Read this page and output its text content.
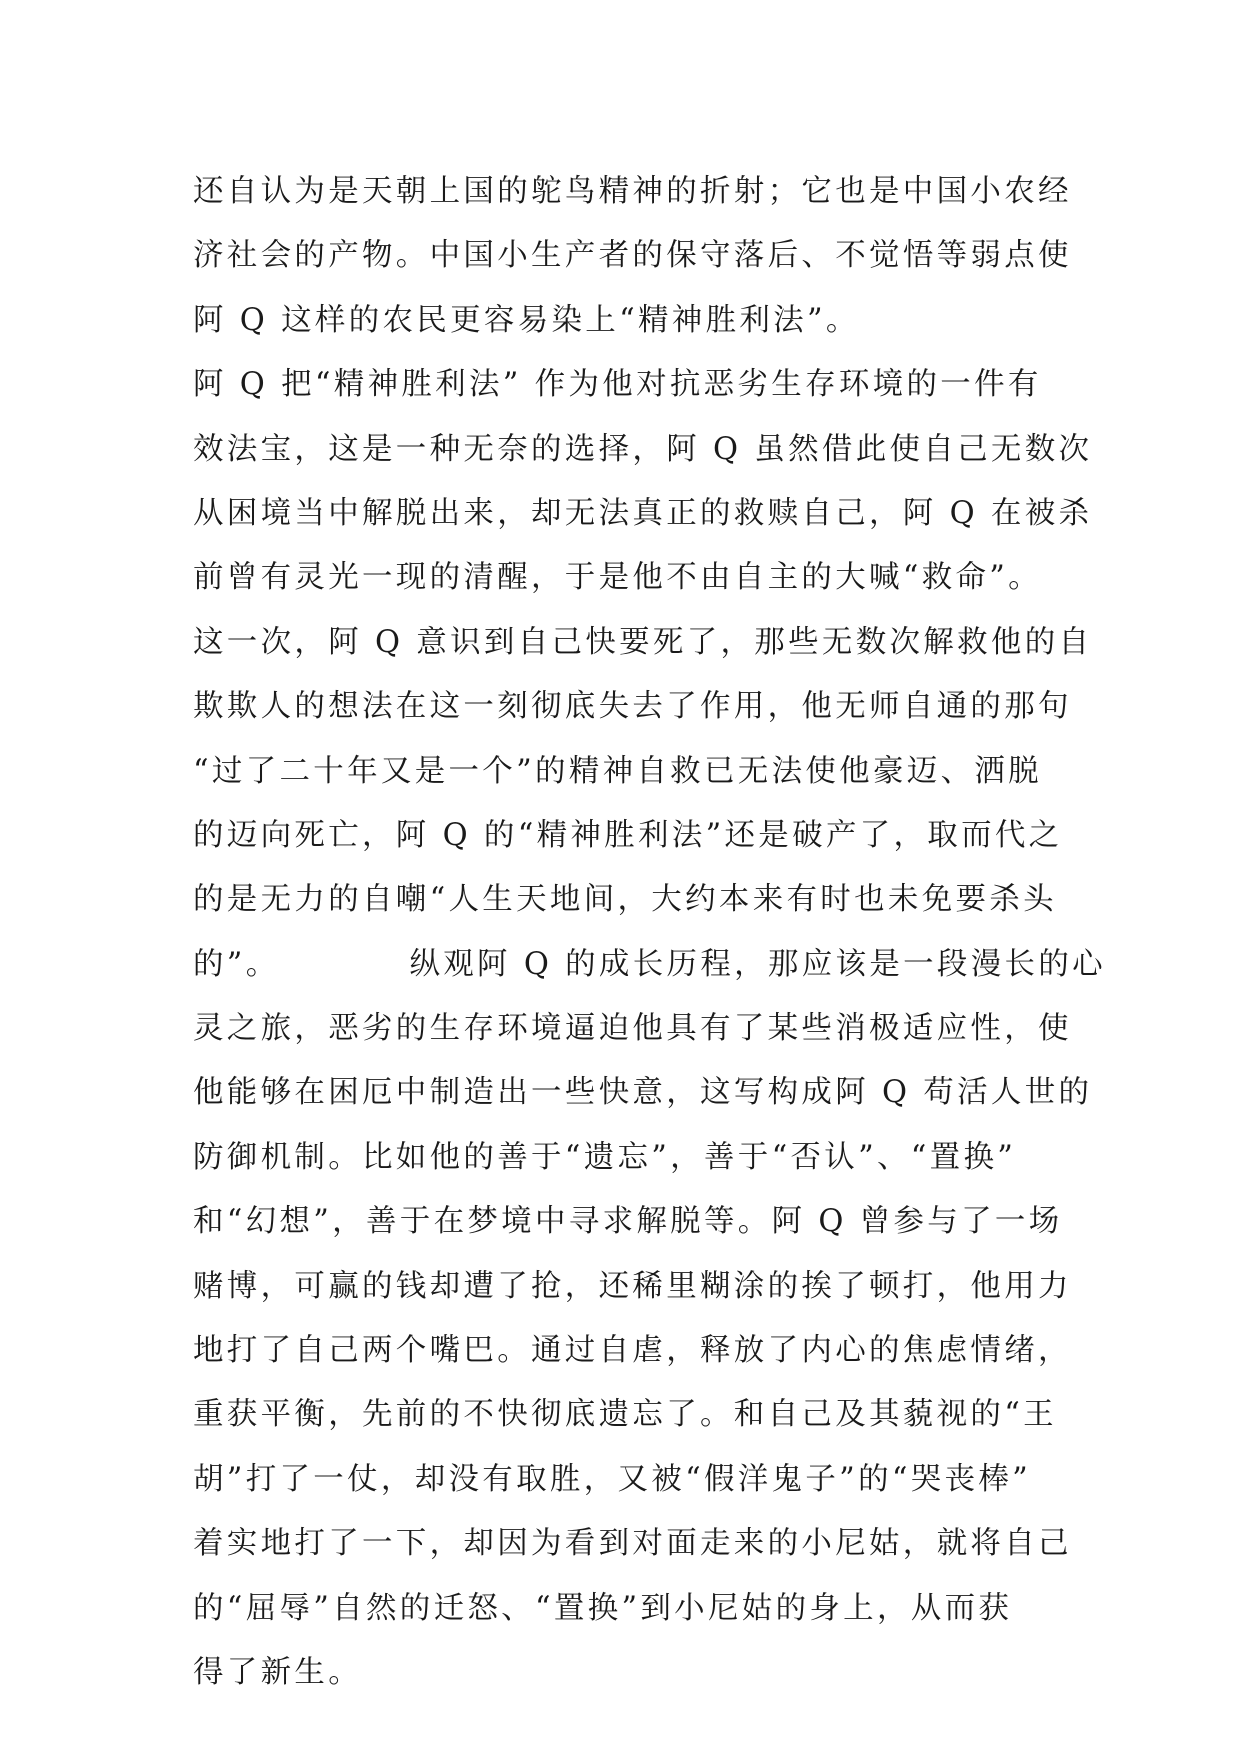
还自认为是天朝上国的鸵鸟精神的折射；它也是中国小农经
济社会的产物。中国小生产者的保守落后、不觉悟等弱点使
阿 Q 这样的农民更容易染上“精神胜利法”。
阿 Q 把“精神胜利法” 作为他对抗恶劣生存环境的一件有
效法宝，这是一种无奈的选择，阿 Q 虽然借此使自己无数次
从困境当中解脱出来，却无法真正的救赎自己，阿 Q 在被杀
前曾有灵光一现的清醒，于是他不由自主的大喊“救命”。
这一次，阿 Q 意识到自己快要死了，那些无数次解救他的自
欺欺人的想法在这一刻彻底失去了作用，他无师自通的那句
“过了二十年又是一个”的精神自救已无法使他豪迈、洒脱
的迈向死亡，阿 Q 的“精神胜利法”还是破产了，取而代之
的是无力的自嘲“人生天地间，大约本来有时也未免要杀头
的”。          纵观阿 Q 的成长历程，那应该是一段漫长的心
灵之旅，恶劣的生存环境逼迫他具有了某些消极适应性，使
他能够在困厄中制造出一些快意，这写构成阿 Q 苟活人世的
防御机制。比如他的善于“遗忘”，善于“否认”、“置换”
和“幻想”，善于在梦境中寻求解脱等。阿 Q 曾参与了一场
赌博，可赢的钱却遭了抢，还稀里糊涂的挨了顿打，他用力
地打了自己两个嘴巴。通过自虐，释放了内心的焦虑情绪，
重获平衡，先前的不快彻底遗忘了。和自己及其藐视的“王
胡”打了一仗，却没有取胜，又被“假洋鬼子”的“哭丧棒”
着实地打了一下，却因为看到对面走来的小尼姑，就将自己
的“屈辱”自然的迁怒、“置换”到小尼姑的身上，从而获
得了新生。
